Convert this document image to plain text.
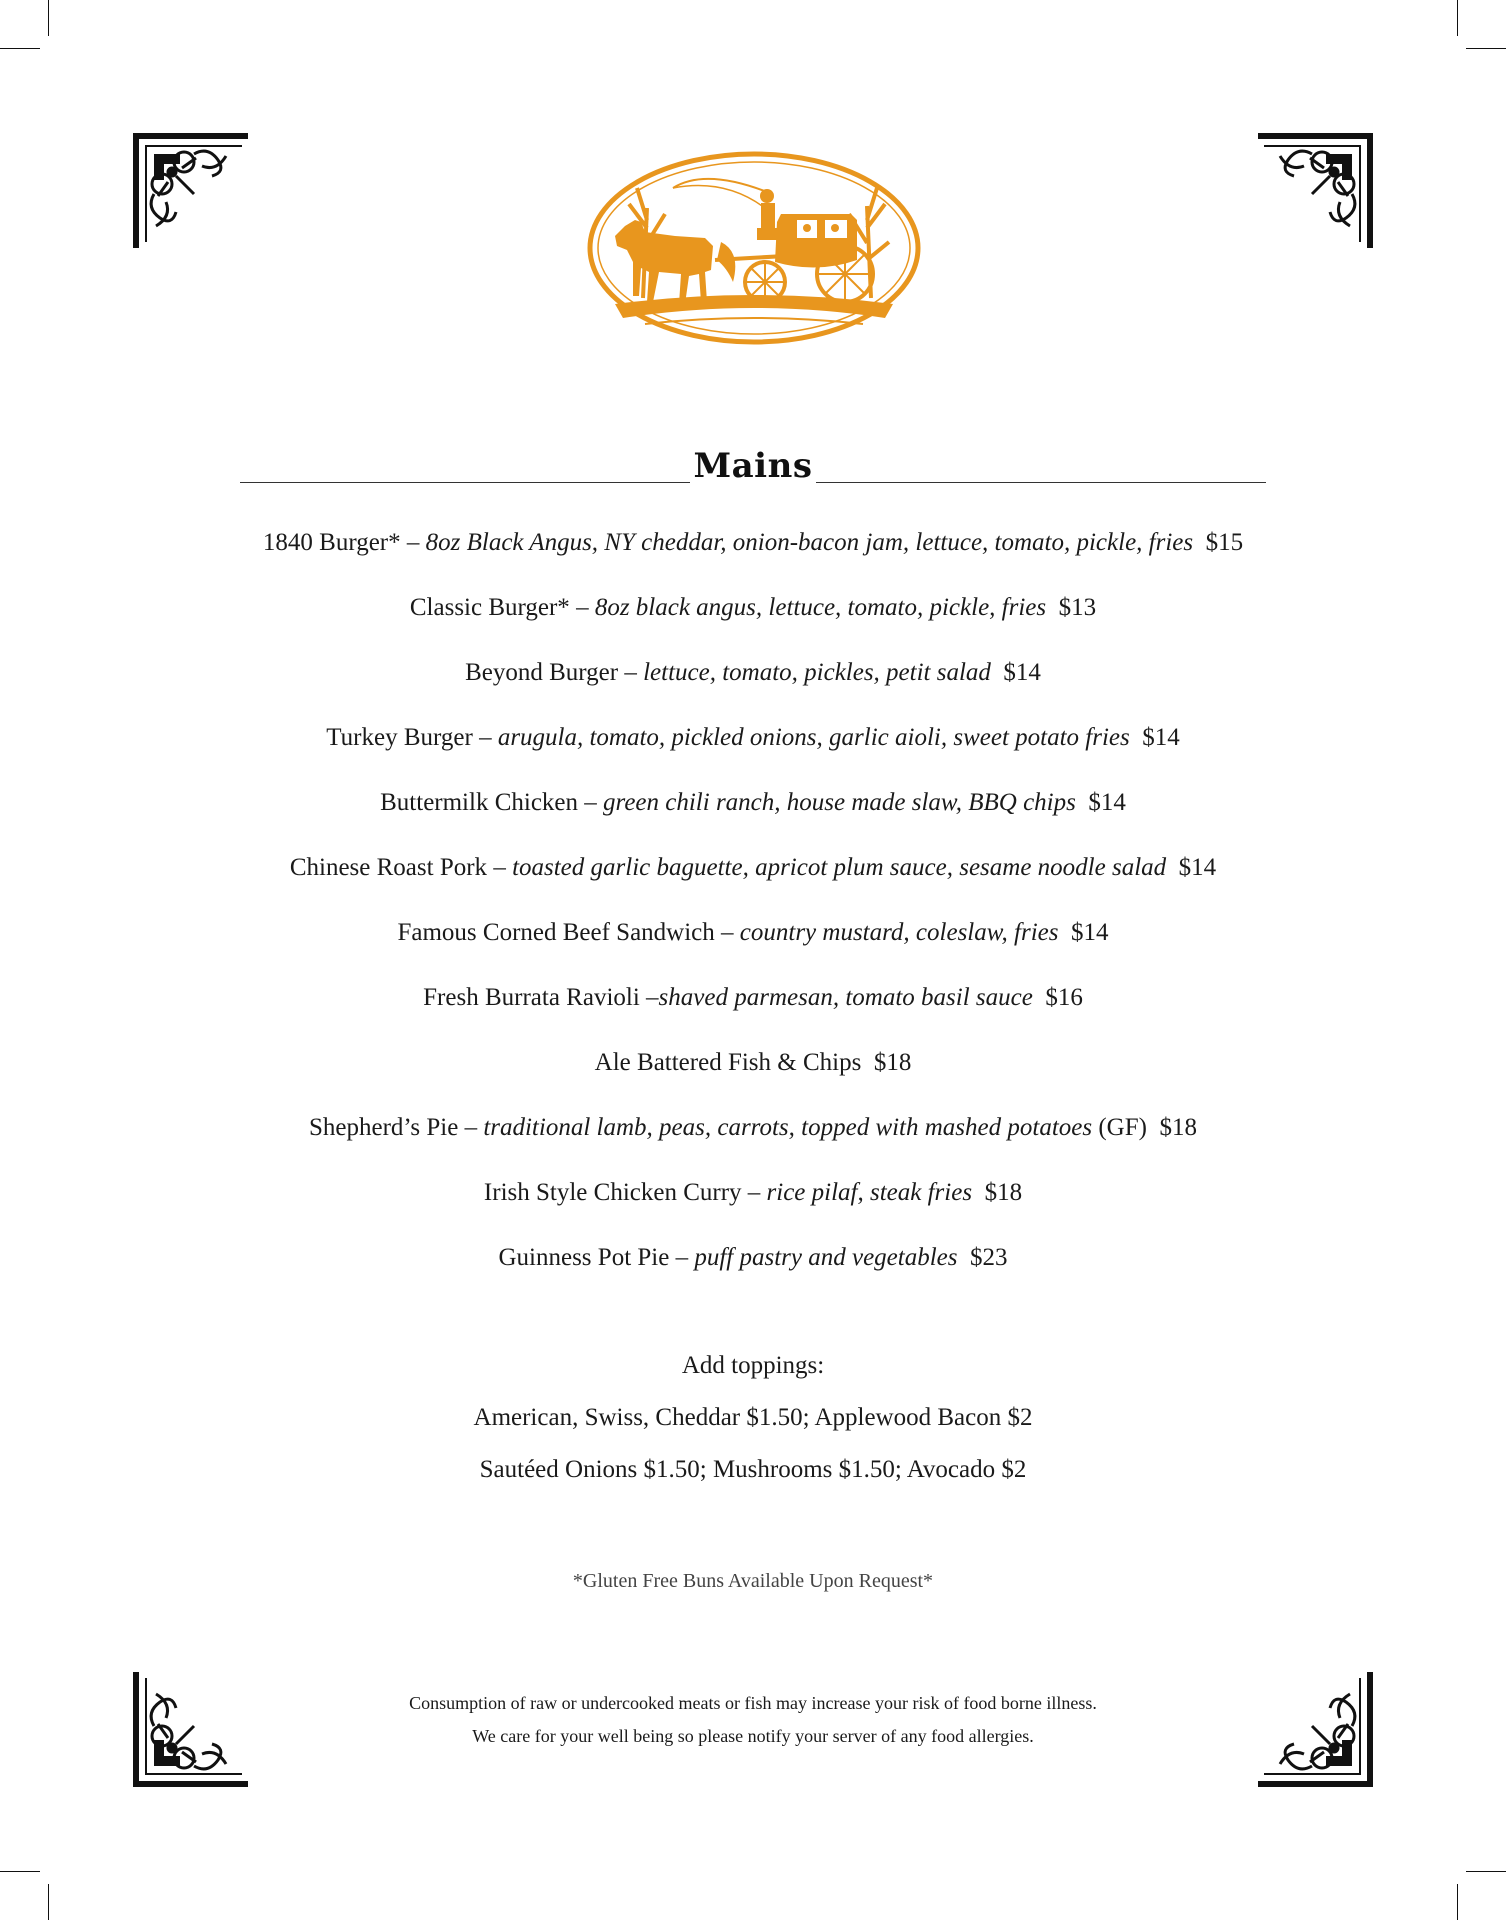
Mains
1840 Burger* – 8oz Black Angus, NY cheddar, onion-bacon jam, lettuce, tomato, pickle, fries $15
Classic Burger* – 8oz black angus, lettuce, tomato, pickle, fries $13
Beyond Burger – lettuce, tomato, pickles, petit salad $14
Turkey Burger – arugula, tomato, pickled onions, garlic aioli, sweet potato fries $14
Buttermilk Chicken – green chili ranch, house made slaw, BBQ chips $14
Chinese Roast Pork – toasted garlic baguette, apricot plum sauce, sesame noodle salad $14
Famous Corned Beef Sandwich – country mustard, coleslaw, fries $14
Fresh Burrata Ravioli –shaved parmesan, tomato basil sauce $16
Ale Battered Fish & Chips $18
Shepherd’s Pie – traditional lamb, peas, carrots, topped with mashed potatoes (GF) $18
Irish Style Chicken Curry – rice pilaf, steak fries $18
Guinness Pot Pie – puff pastry and vegetables $23
Add toppings:
American, Swiss, Cheddar $1.50; Applewood Bacon $2
Sautéed Onions $1.50; Mushrooms $1.50; Avocado $2
*Gluten Free Buns Available Upon Request*
Consumption of raw or undercooked meats or fish may increase your risk of food borne illness.
We care for your well being so please notify your server of any food allergies.
